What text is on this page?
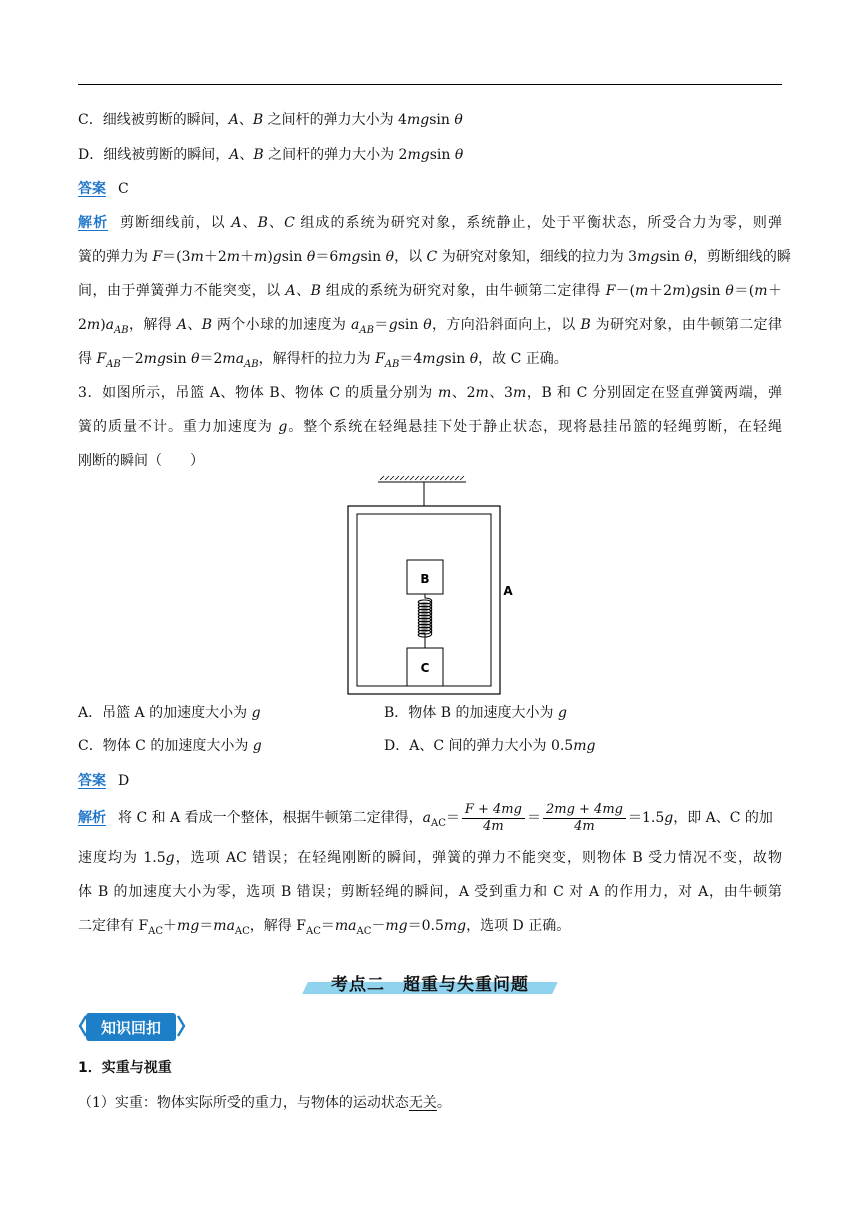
C．细线被剪断的瞬间，A、B 之间杆的弹力大小为 4mgsin θ
D．细线被剪断的瞬间，A、B 之间杆的弹力大小为 2mgsin θ
答案 C
解析 剪断细线前，以 A、B、C 组成的系统为研究对象，系统静止，处于平衡状态，所受合力为零，则弹
簧的弹力为 F＝(3m＋2m＋m)gsin θ＝6mgsin θ，以 C 为研究对象知，细线的拉力为 3mgsin θ，剪断细线的瞬
间，由于弹簧弹力不能突变，以 A、B 组成的系统为研究对象，由牛顿第二定律得 F－(m＋2m)gsin θ＝(m＋
$2m)a_{AB}$，解得 A、B 两个小球的加速度为 $a_{AB}=gsin$ θ，方向沿斜面向上，以 B 为研究对象，由牛顿第二定律
得 $F_{AB}-2mgsin$ $\theta=2ma_{AB}$，解得杆的拉力为 $F_{AB}=4mgsin$ θ，故 C 正确。
3．如图所示，吊篮 A、物体 B、物体 C 的质量分别为 m、2m、3m，B 和 C 分别固定在竖直弹簧两端，弹
簧的质量不计。重力加速度为 g。整个系统在轻绳悬挂下处于静止状态，现将悬挂吊篮的轻绳剪断，在轻绳
刚断的瞬间（　　）
B
C
A
A．吊篮 A 的加速度大小为 g	B．物体 B 的加速度大小为 g
C．物体 C 的加速度大小为 g	D．A、C 间的弹力大小为 0.5mg
答案 D
解析 将 C 和 A 看成一个整体，根据牛顿第二定律得，$a_{AC}= \frac{F + 4mg}{4m} = \frac{2mg + 4mg}{4m} =1.5g$，即 A、C 的加
速度均为 1.5g，选项 AC 错误；在轻绳刚断的瞬间，弹簧的弹力不能突变，则物体 B 受力情况不变，故物
体 B 的加速度大小为零，选项 B 错误；剪断轻绳的瞬间，A 受到重力和 C 对 A 的作用力，对 A，由牛顿第
二定律有 $F_{AC}+mg=ma_{AC}$，解得 $F_{AC}=ma_{AC}-mg=0.5mg$，选项 D 正确。
考点二　超重与失重问题
知识回扣
1．实重与视重
（1）实重：物体实际所受的重力，与物体的运动状态无关。
